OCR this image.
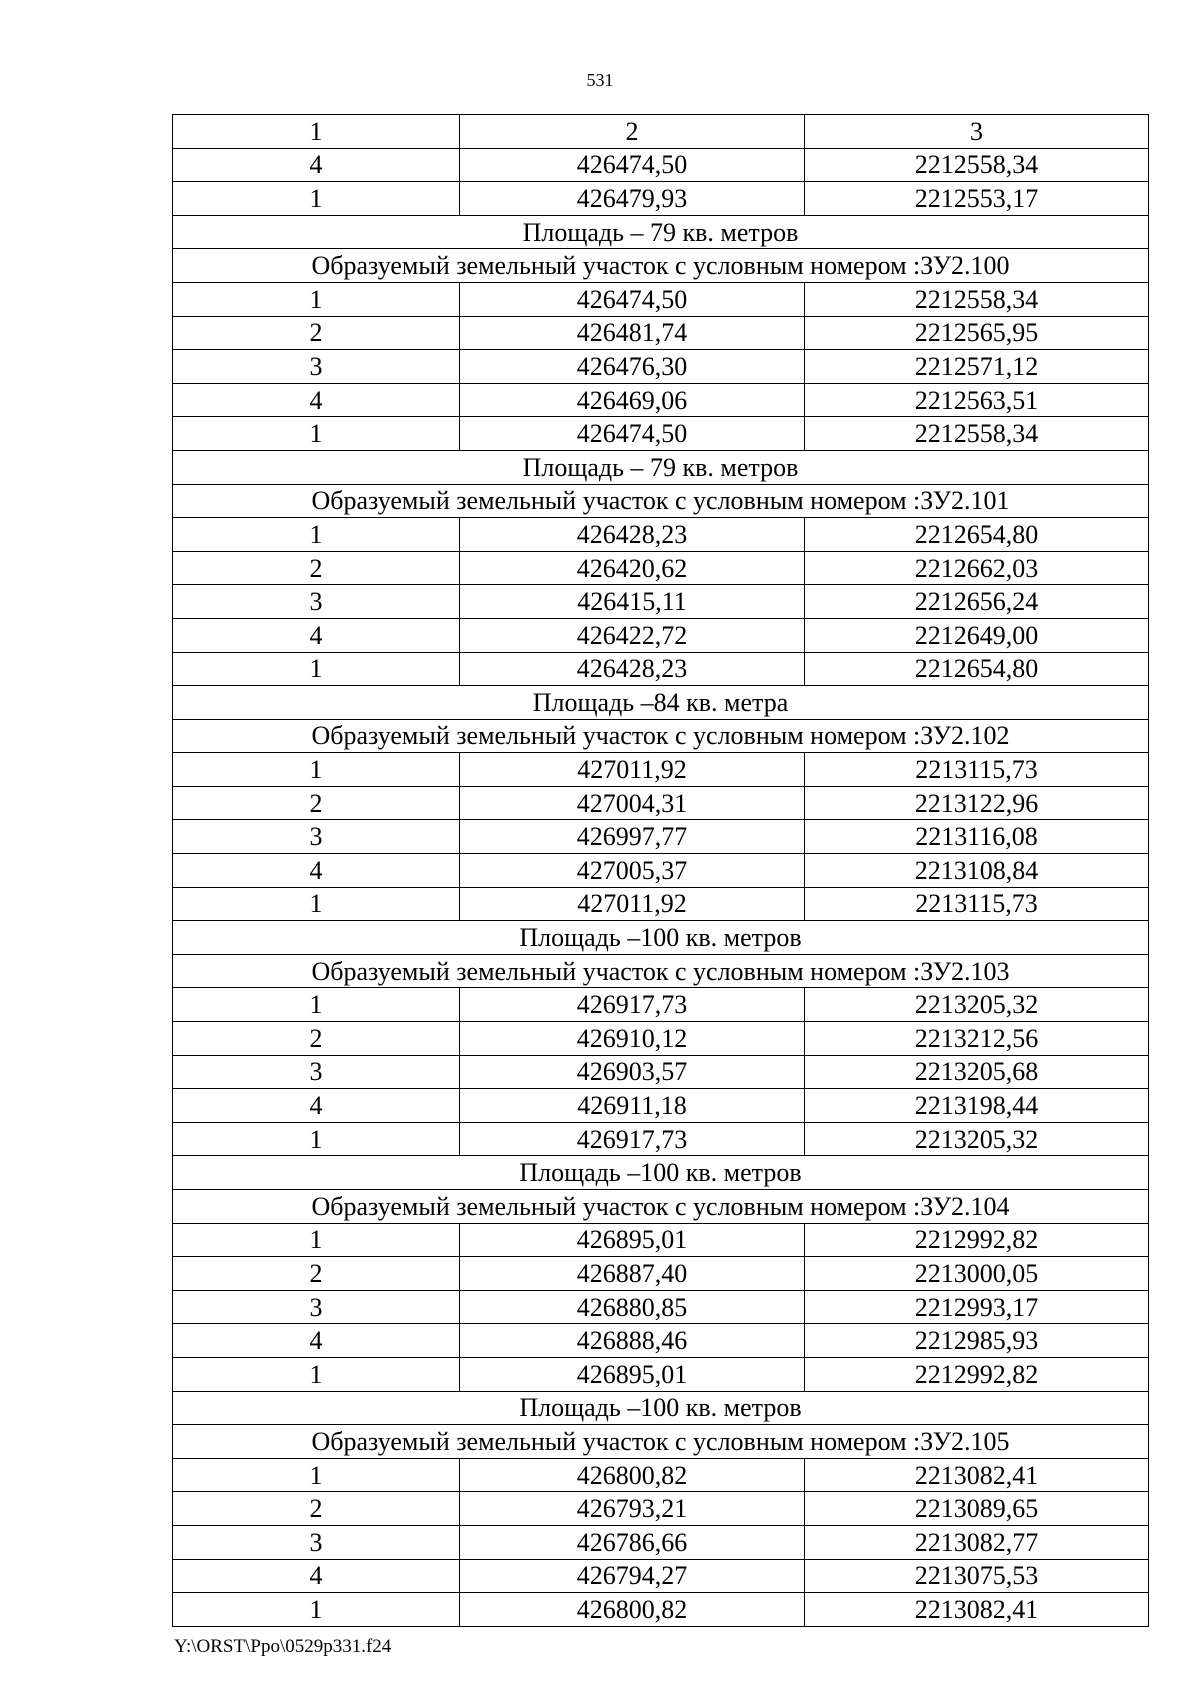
531
1	2	3
4	426474,50	2212558,34
1	426479,93	2212553,17
Площадь – 79 кв. метров		
Образуемый земельный участок с условным номером :ЗУ2.100		
1	426474,50	2212558,34
2	426481,74	2212565,95
3	426476,30	2212571,12
4	426469,06	2212563,51
1	426474,50	2212558,34
Площадь – 79 кв. метров		
Образуемый земельный участок с условным номером :ЗУ2.101		
1	426428,23	2212654,80
2	426420,62	2212662,03
3	426415,11	2212656,24
4	426422,72	2212649,00
1	426428,23	2212654,80
Площадь –84 кв. метра		
Образуемый земельный участок с условным номером :ЗУ2.102		
1	427011,92	2213115,73
2	427004,31	2213122,96
3	426997,77	2213116,08
4	427005,37	2213108,84
1	427011,92	2213115,73
Площадь –100 кв. метров		
Образуемый земельный участок с условным номером :ЗУ2.103		
1	426917,73	2213205,32
2	426910,12	2213212,56
3	426903,57	2213205,68
4	426911,18	2213198,44
1	426917,73	2213205,32
Площадь –100 кв. метров		
Образуемый земельный участок с условным номером :ЗУ2.104		
1	426895,01	2212992,82
2	426887,40	2213000,05
3	426880,85	2212993,17
4	426888,46	2212985,93
1	426895,01	2212992,82
Площадь –100 кв. метров		
Образуемый земельный участок с условным номером :ЗУ2.105		
1	426800,82	2213082,41
2	426793,21	2213089,65
3	426786,66	2213082,77
4	426794,27	2213075,53
1	426800,82	2213082,41
Y:\ORST\Ppo\0529p331.f24
